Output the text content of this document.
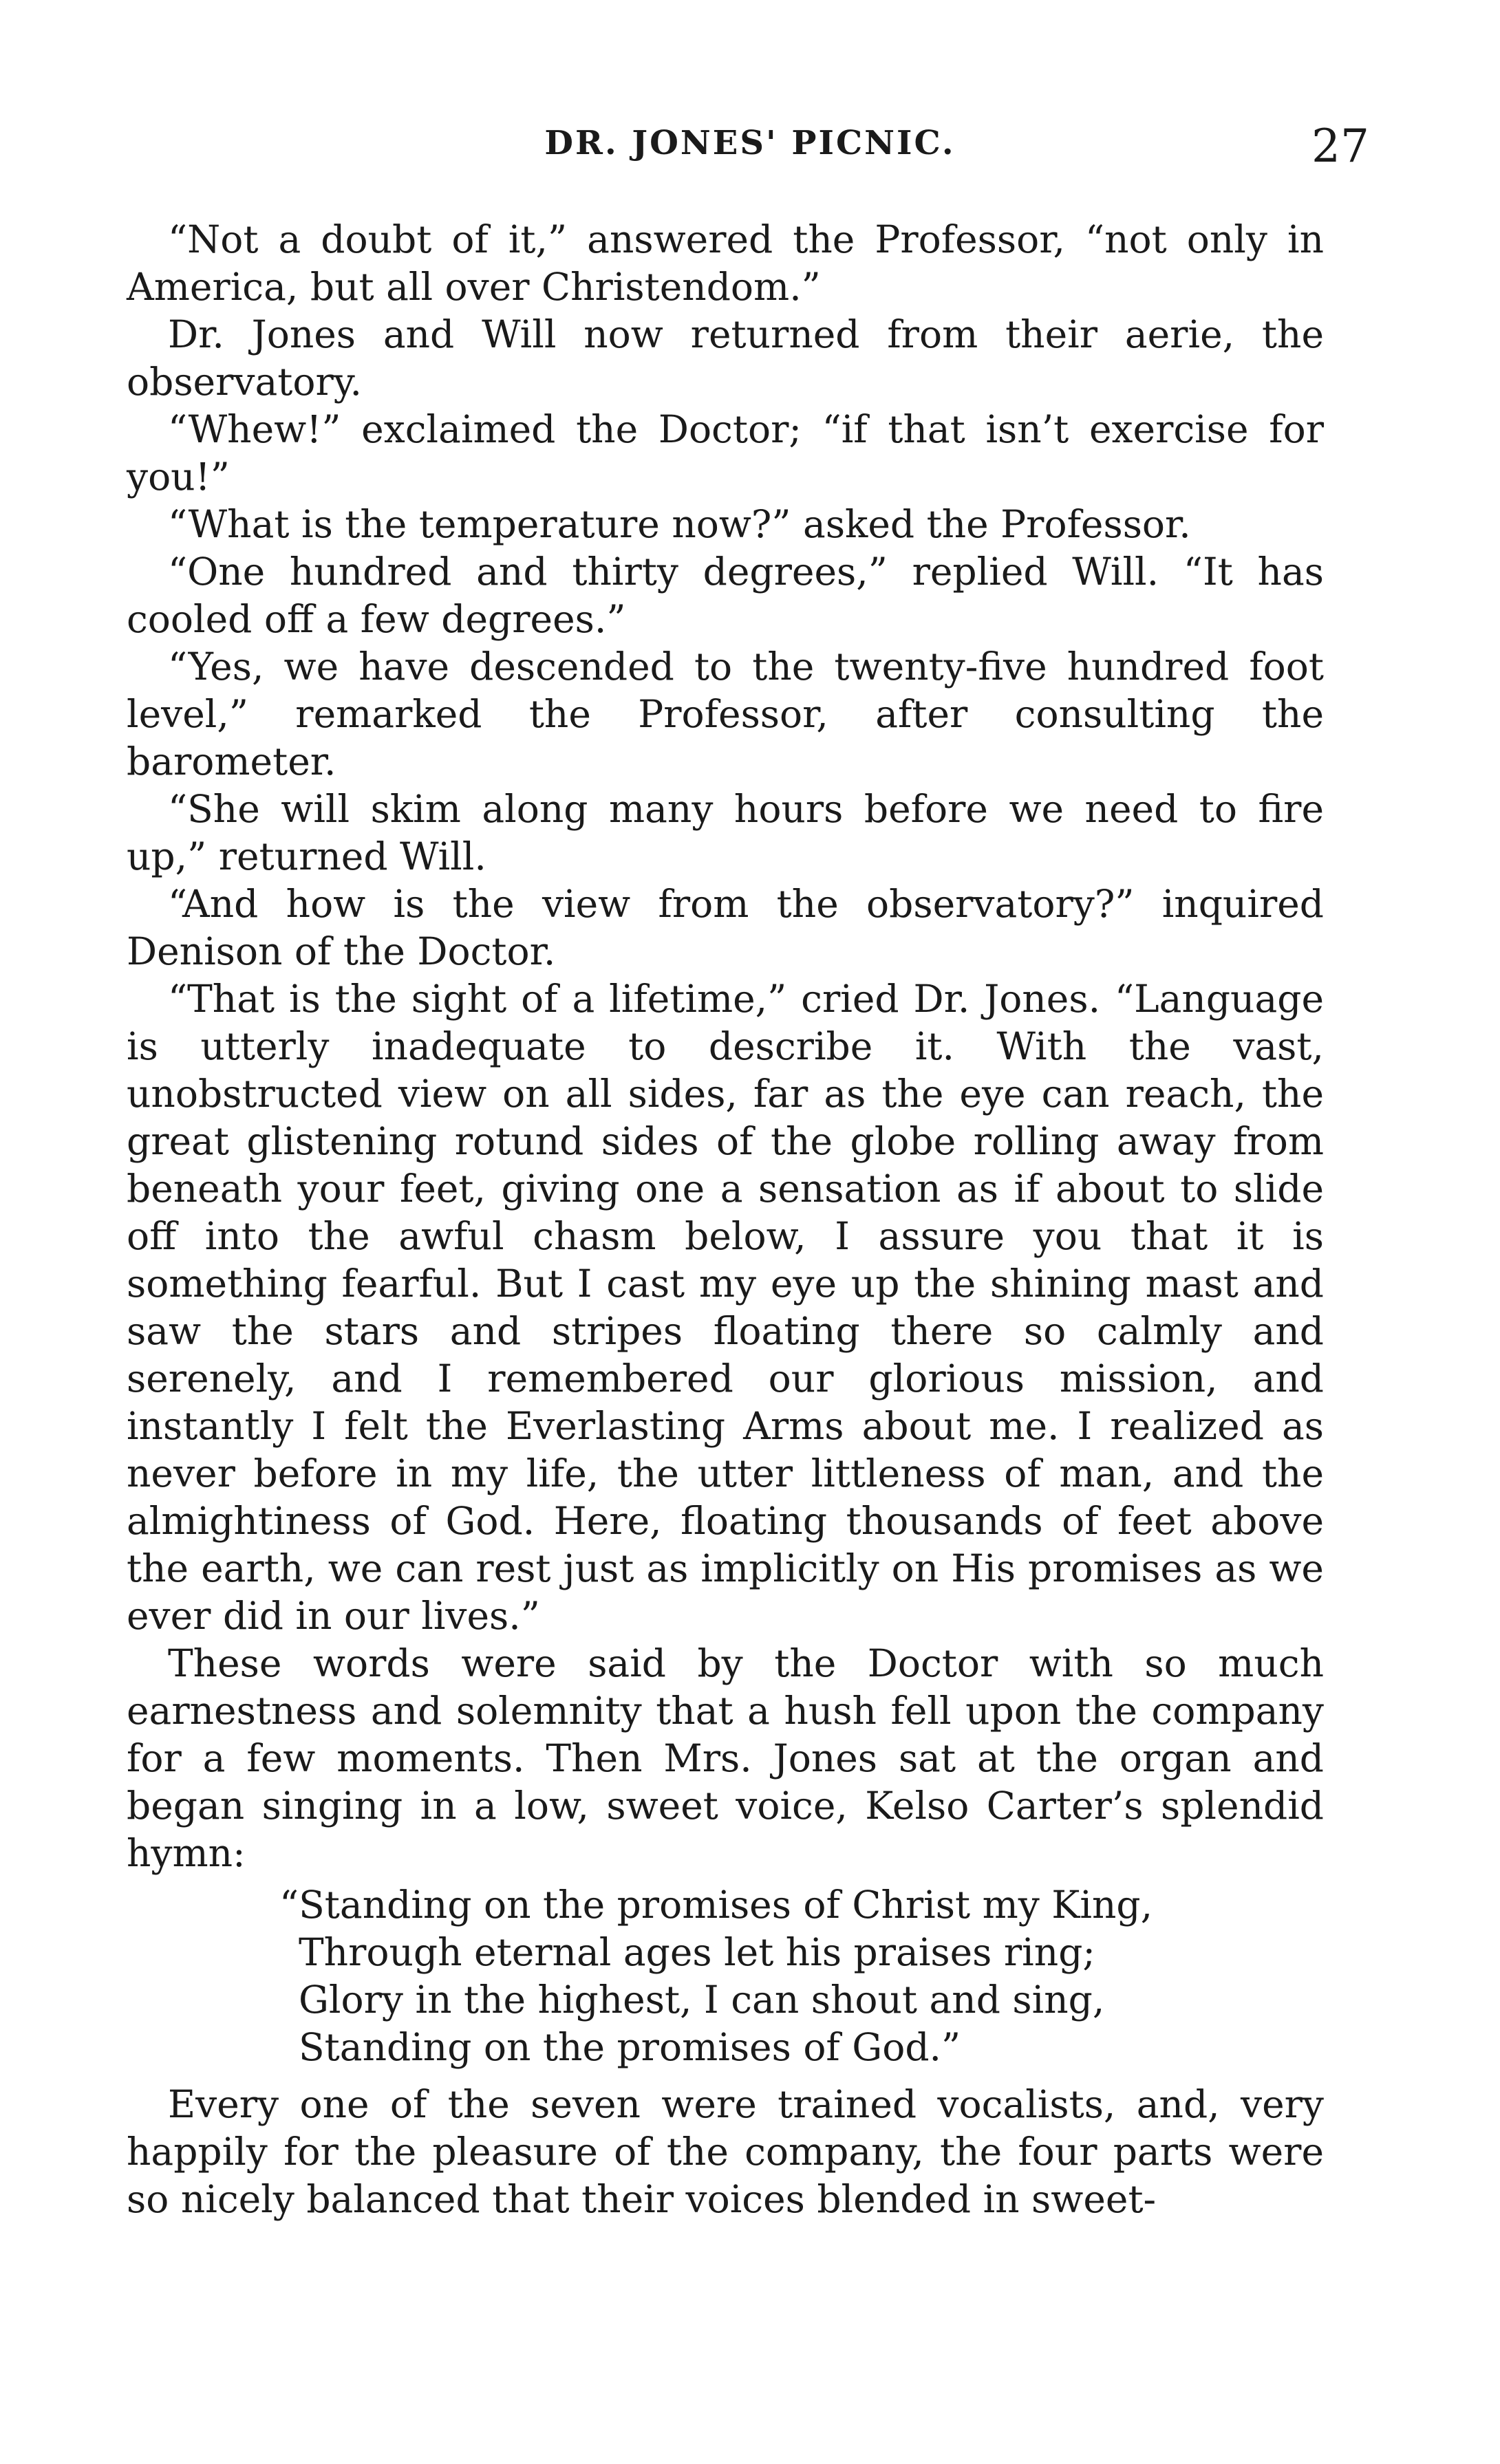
DR. JONES' PICNIC.	27

“Not a doubt of it,” answered the Professor, “not only in America, but all over Christendom.”

Dr. Jones and Will now returned from their aerie, the observatory.

“Whew!” exclaimed the Doctor; “if that isn’t exercise for you!”

“What is the temperature now?” asked the Professor.

“One hundred and thirty degrees,” replied Will. “It has cooled off a few degrees.”

“Yes, we have descended to the twenty-five hundred foot level,” remarked the Professor, after consulting the barometer.

“She will skim along many hours before we need to fire up,” returned Will.

“And how is the view from the observatory?” inquired Denison of the Doctor.

“That is the sight of a lifetime,” cried Dr. Jones. “Language is utterly inadequate to describe it. With the vast, unobstructed view on all sides, far as the eye can reach, the great glistening rotund sides of the globe rolling away from beneath your feet, giving one a sensation as if about to slide off into the awful chasm below, I assure you that it is something fearful. But I cast my eye up the shining mast and saw the stars and stripes floating there so calmly and serenely, and I remembered our glorious mission, and instantly I felt the Everlasting Arms about me. I realized as never before in my life, the utter littleness of man, and the almightiness of God. Here, floating thousands of feet above the earth, we can rest just as implicitly on His promises as we ever did in our lives.”

These words were said by the Doctor with so much earnestness and solemnity that a hush fell upon the company for a few moments. Then Mrs. Jones sat at the organ and began singing in a low, sweet voice, Kelso Carter’s splendid hymn:

“Standing on the promises of Christ my King,
Through eternal ages let his praises ring;
Glory in the highest, I can shout and sing,
Standing on the promises of God.”

Every one of the seven were trained vocalists, and, very happily for the pleasure of the company, the four parts were so nicely balanced that their voices blended in sweet-
